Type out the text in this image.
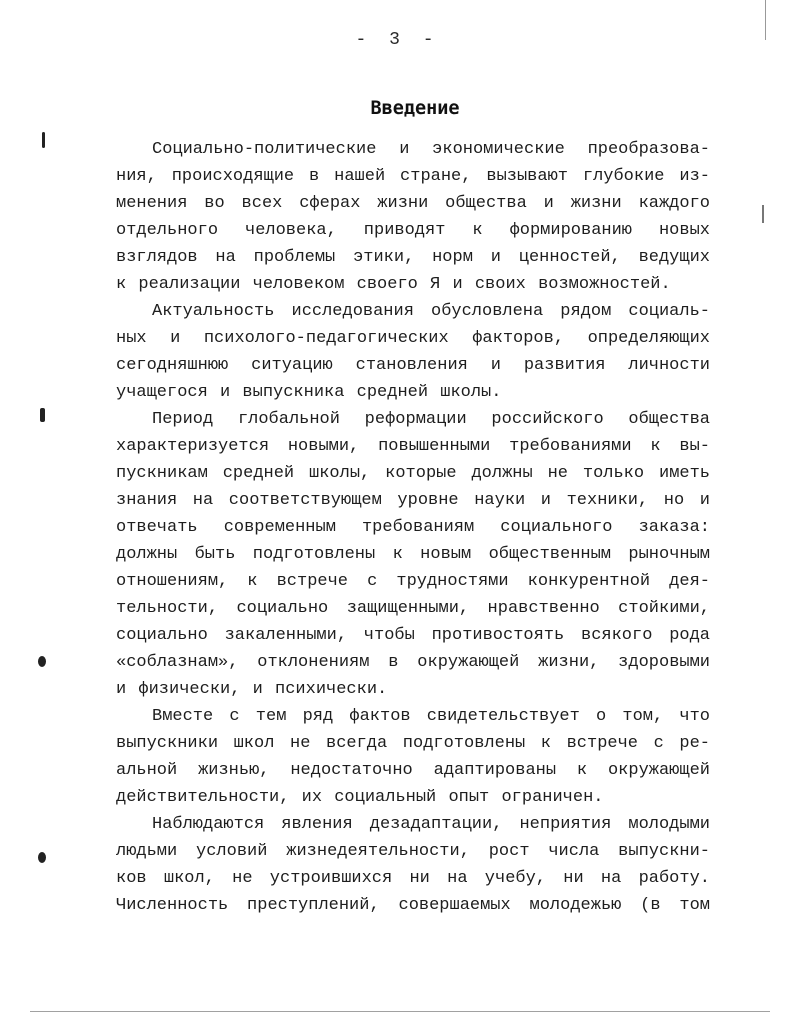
- 3 -
Введение
Социально-политические и экономические преобразова-
ния, происходящие в нашей стране, вызывают глубокие из-
менения во всех сферах жизни общества и жизни каждого
отдельного человека, приводят к формированию новых
взглядов на проблемы этики, норм и ценностей, ведущих
к реализации человеком своего Я и своих возможностей.
Актуальность исследования обусловлена рядом социаль-
ных и психолого-педагогических факторов, определяющих
сегодняшнюю ситуацию становления и развития личности
учащегося и выпускника средней школы.
Период глобальной реформации российского общества
характеризуется новыми, повышенными требованиями к вы-
пускникам средней школы, которые должны не только иметь
знания на соответствующем уровне науки и техники, но и
отвечать современным требованиям социального заказа:
должны быть подготовлены к новым общественным рыночным
отношениям, к встрече с трудностями конкурентной дея-
тельности, социально защищенными, нравственно стойкими,
социально закаленными, чтобы противостоять всякого рода
«соблазнам», отклонениям в окружающей жизни, здоровыми
и физически, и психически.
Вместе с тем ряд фактов свидетельствует о том, что
выпускники школ не всегда подготовлены к встрече с ре-
альной жизнью, недостаточно адаптированы к окружающей
действительности, их социальный опыт ограничен.
Наблюдаются явления дезадаптации, неприятия молодыми
людьми условий жизнедеятельности, рост числа выпускни-
ков школ, не устроившихся ни на учебу, ни на работу.
Численность преступлений, совершаемых молодежью (в том
